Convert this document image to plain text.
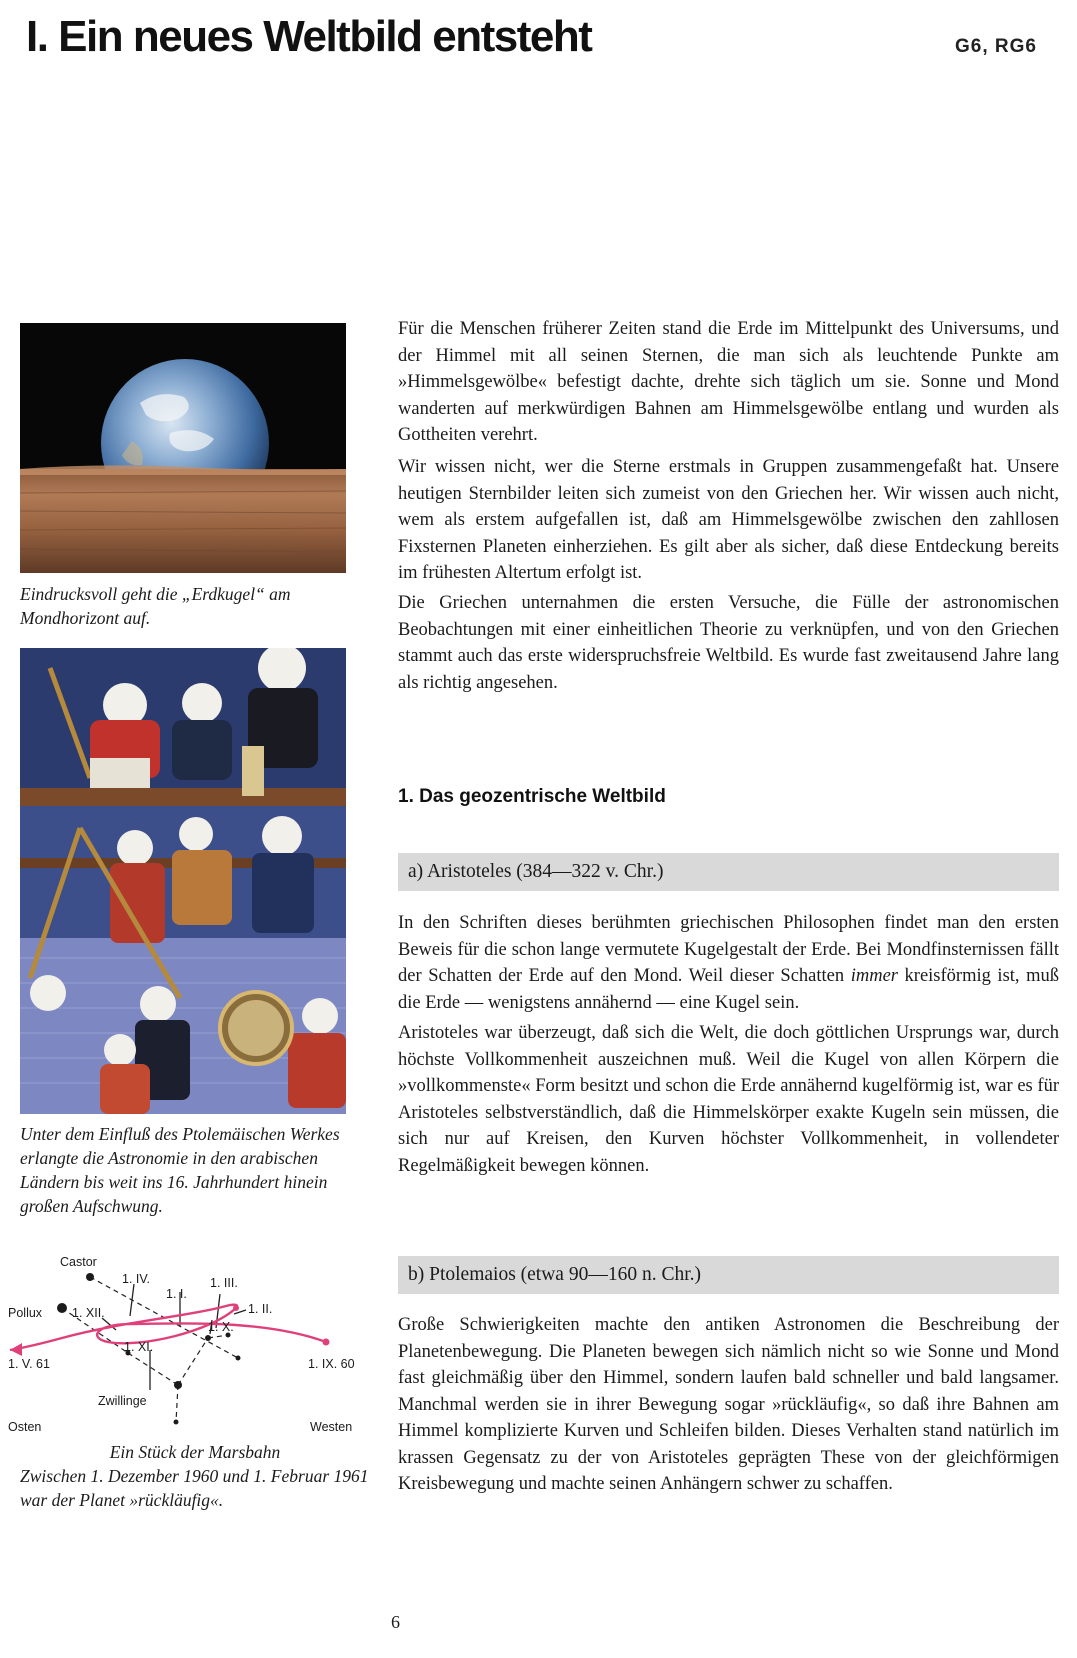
I. Ein neues Weltbild entsteht	G6, RG6
Eindrucksvoll geht die „Erdkugel“ am Mondhorizont auf.
Unter dem Einfluß des Ptolemäischen Werkes erlangte die Astronomie in den arabischen Ländern bis weit ins 16. Jahrhundert hinein großen Aufschwung.
Castor
Pollux
Zwillinge
Osten	Westen
1. V. 61	1. IX. 60
1. IV.
1. I.
1. III.
1. XII.	1. II.
1. X.
1. XI.
Ein Stück der Marsbahn
Zwischen 1. Dezember 1960 und 1. Februar 1961 war der Planet »rückläufig«.

Für die Menschen früherer Zeiten stand die Erde im Mittelpunkt des Universums, und der Himmel mit all seinen Sternen, die man sich als leuchtende Punkte am »Himmelsgewölbe« befestigt dachte, drehte sich täglich um sie. Sonne und Mond wanderten auf merkwürdigen Bahnen am Himmelsgewölbe entlang und wurden als Gottheiten verehrt.

Wir wissen nicht, wer die Sterne erstmals in Gruppen zusammengefaßt hat. Unsere heutigen Sternbilder leiten sich zumeist von den Griechen her. Wir wissen auch nicht, wem als erstem aufgefallen ist, daß am Himmelsgewölbe zwischen den zahllosen Fixsternen Planeten einherziehen. Es gilt aber als sicher, daß diese Entdeckung bereits im frühesten Altertum erfolgt ist.

Die Griechen unternahmen die ersten Versuche, die Fülle der astronomischen Beobachtungen mit einer einheitlichen Theorie zu verknüpfen, und von den Griechen stammt auch das erste widerspruchsfreie Weltbild. Es wurde fast zweitausend Jahre lang als richtig angesehen.

1. Das geozentrische Weltbild
a) Aristoteles (384—322 v. Chr.)

In den Schriften dieses berühmten griechischen Philosophen findet man den ersten Beweis für die schon lange vermutete Kugelgestalt der Erde. Bei Mondfinsternissen fällt der Schatten der Erde auf den Mond. Weil dieser Schatten immer kreisförmig ist, muß die Erde — wenigstens annähernd — eine Kugel sein.

Aristoteles war überzeugt, daß sich die Welt, die doch göttlichen Ursprungs war, durch höchste Vollkommenheit auszeichnen muß. Weil die Kugel von allen Körpern die »vollkommenste« Form besitzt und schon die Erde annähernd kugelförmig ist, war es für Aristoteles selbstverständlich, daß die Himmelskörper exakte Kugeln sein müssen, die sich nur auf Kreisen, den Kurven höchster Vollkommenheit, in vollendeter Regelmäßigkeit bewegen können.

b) Ptolemaios (etwa 90—160 n. Chr.)

Große Schwierigkeiten machte den antiken Astronomen die Beschreibung der Planetenbewegung. Die Planeten bewegen sich nämlich nicht so wie Sonne und Mond fast gleichmäßig über den Himmel, sondern laufen bald schneller und bald langsamer. Manchmal werden sie in ihrer Bewegung sogar »rückläufig«, so daß ihre Bahnen am Himmel komplizierte Kurven und Schleifen bilden. Dieses Verhalten stand natürlich im krassen Gegensatz zu der von Aristoteles geprägten These von der gleichförmigen Kreisbewegung und machte seinen Anhängern schwer zu schaffen.

6
